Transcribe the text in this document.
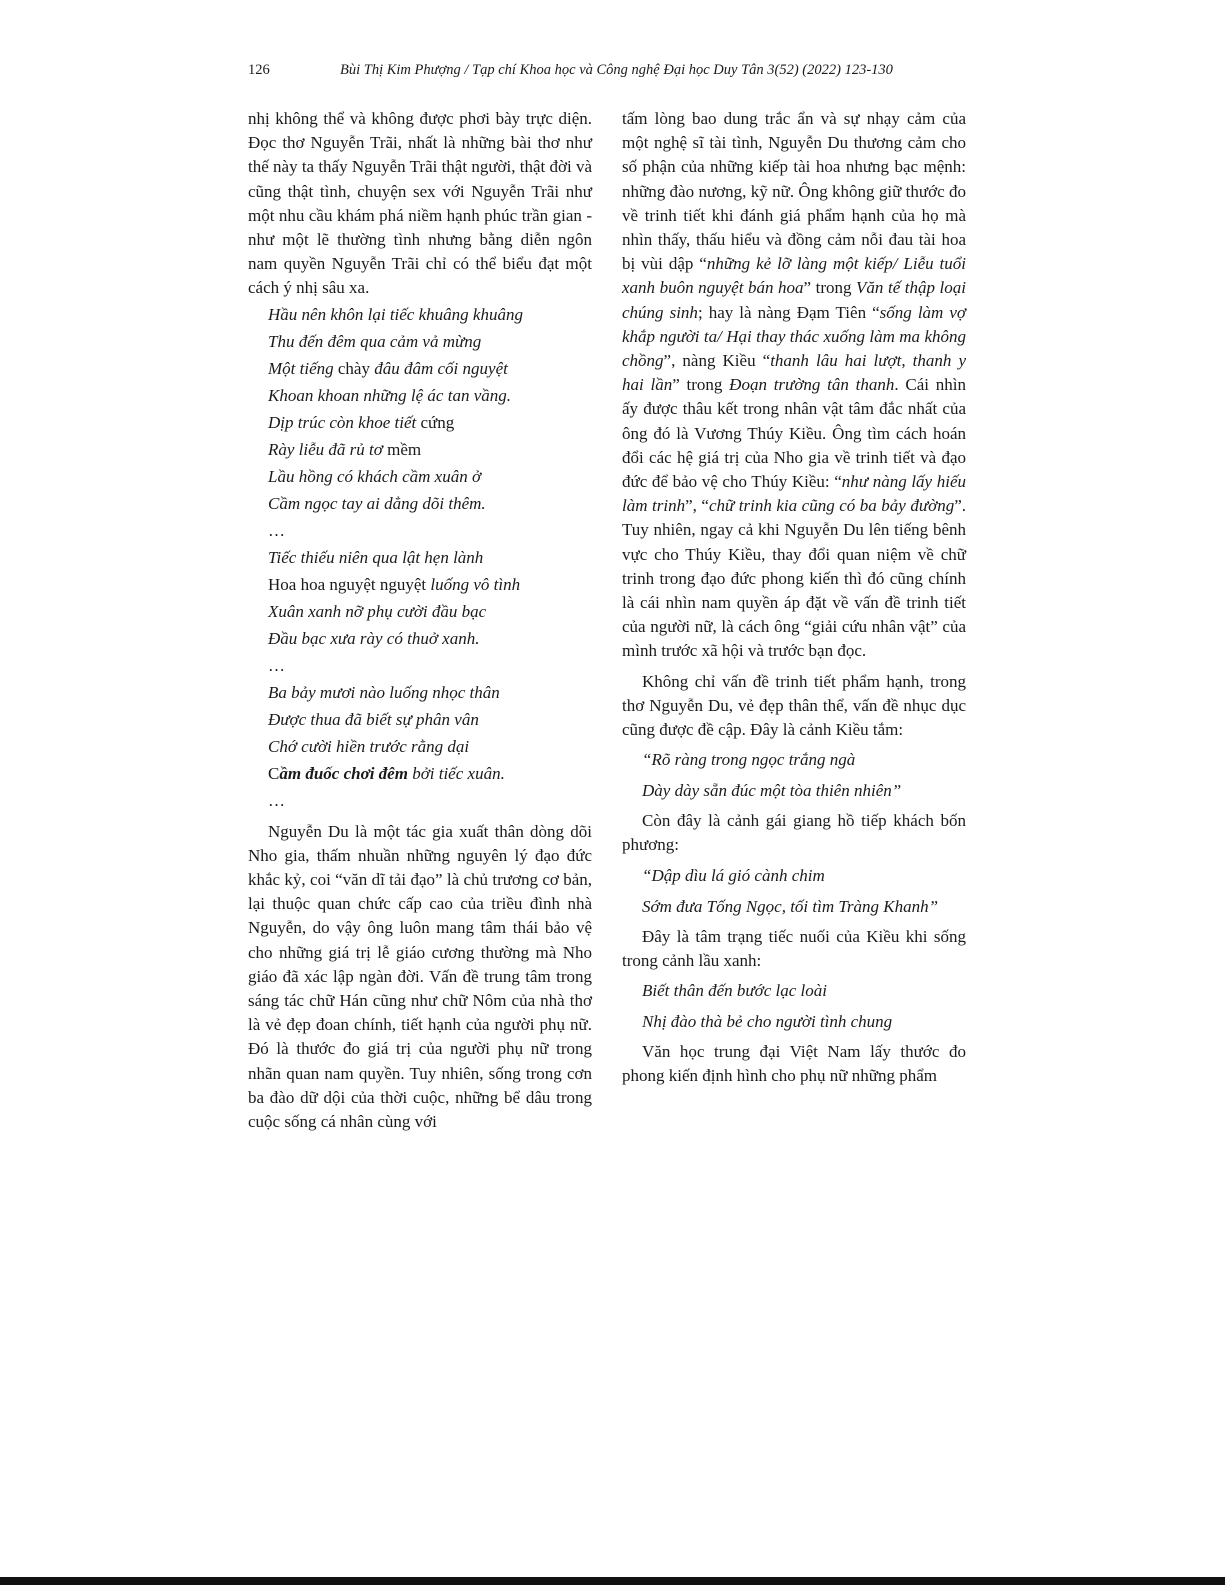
126	Bùi Thị Kim Phượng / Tạp chí Khoa học và Công nghệ Đại học Duy Tân 3(52) (2022) 123-130

nhị không thể và không được phơi bày trực diện. Đọc thơ Nguyễn Trãi, nhất là những bài thơ như thế này ta thấy Nguyễn Trãi thật người, thật đời và cũng thật tình, chuyện sex với Nguyễn Trãi như một nhu cầu khám phá niềm hạnh phúc trần gian - như một lẽ thường tình nhưng bằng diễn ngôn nam quyền Nguyễn Trãi chỉ có thể biểu đạt một cách ý nhị sâu xa.

Hầu nên khôn lại tiếc khuâng khuâng
Thu đến đêm qua cảm vả mừng
Một tiếng chày đâu đâm cối nguyệt
Khoan khoan những lệ ác tan vầng.
Dịp trúc còn khoe tiết cứng
Rày liễu đã rủ tơ mềm
Lầu hồng có khách cầm xuân ở
Cầm ngọc tay ai dẳng dõi thêm.
…
Tiếc thiếu niên qua lật hẹn lành
Hoa hoa nguyệt nguyệt luống vô tình
Xuân xanh nỡ phụ cười đầu bạc
Đầu bạc xưa rày có thuở xanh.
…
Ba bảy mươi nào luống nhọc thân
Được thua đã biết sự phân vân
Chớ cười hiền trước rằng dại
Cầm đuốc chơi đêm bởi tiếc xuân.
…

Nguyễn Du là một tác gia xuất thân dòng dõi Nho gia, thấm nhuần những nguyên lý đạo đức khắc kỷ, coi “văn dĩ tải đạo” là chủ trương cơ bản, lại thuộc quan chức cấp cao của triều đình nhà Nguyễn, do vậy ông luôn mang tâm thái bảo vệ cho những giá trị lễ giáo cương thường mà Nho giáo đã xác lập ngàn đời. Vấn đề trung tâm trong sáng tác chữ Hán cũng như chữ Nôm của nhà thơ là vẻ đẹp đoan chính, tiết hạnh của người phụ nữ. Đó là thước đo giá trị của người phụ nữ trong nhãn quan nam quyền. Tuy nhiên, sống trong cơn ba đào dữ dội của thời cuộc, những bể dâu trong cuộc sống cá nhân cùng với

tấm lòng bao dung trắc ẩn và sự nhạy cảm của một nghệ sĩ tài tình, Nguyễn Du thương cảm cho số phận của những kiếp tài hoa nhưng bạc mệnh: những đào nương, kỹ nữ. Ông không giữ thước đo về trinh tiết khi đánh giá phẩm hạnh của họ mà nhìn thấy, thấu hiểu và đồng cảm nỗi đau tài hoa bị vùi dập “những kẻ lỡ làng một kiếp/ Liễu tuổi xanh buôn nguyệt bán hoa” trong Văn tế thập loại chúng sinh; hay là nàng Đạm Tiên “sống làm vợ khắp người ta/ Hại thay thác xuống làm ma không chồng”, nàng Kiều “thanh lâu hai lượt, thanh y hai lần” trong Đoạn trường tân thanh. Cái nhìn ấy được thâu kết trong nhân vật tâm đắc nhất của ông đó là Vương Thúy Kiều. Ông tìm cách hoán đổi các hệ giá trị của Nho gia về trinh tiết và đạo đức để bảo vệ cho Thúy Kiều: “như nàng lấy hiếu làm trinh”, “chữ trinh kia cũng có ba bảy đường”. Tuy nhiên, ngay cả khi Nguyễn Du lên tiếng bênh vực cho Thúy Kiều, thay đổi quan niệm về chữ trinh trong đạo đức phong kiến thì đó cũng chính là cái nhìn nam quyền áp đặt về vấn đề trinh tiết của người nữ, là cách ông “giải cứu nhân vật” của mình trước xã hội và trước bạn đọc.

Không chỉ vấn đề trinh tiết phẩm hạnh, trong thơ Nguyễn Du, vẻ đẹp thân thể, vấn đề nhục dục cũng được đề cập. Đây là cảnh Kiều tắm:

“Rõ ràng trong ngọc trắng ngà
Dày dày sẵn đúc một tòa thiên nhiên”

Còn đây là cảnh gái giang hồ tiếp khách bốn phương:

“Dập dìu lá gió cành chim
Sớm đưa Tống Ngọc, tối tìm Tràng Khanh”

Đây là tâm trạng tiếc nuối của Kiều khi sống trong cảnh lầu xanh:

Biết thân đến bước lạc loài
Nhị đào thà bẻ cho người tình chung

Văn học trung đại Việt Nam lấy thước đo phong kiến định hình cho phụ nữ những phẩm
